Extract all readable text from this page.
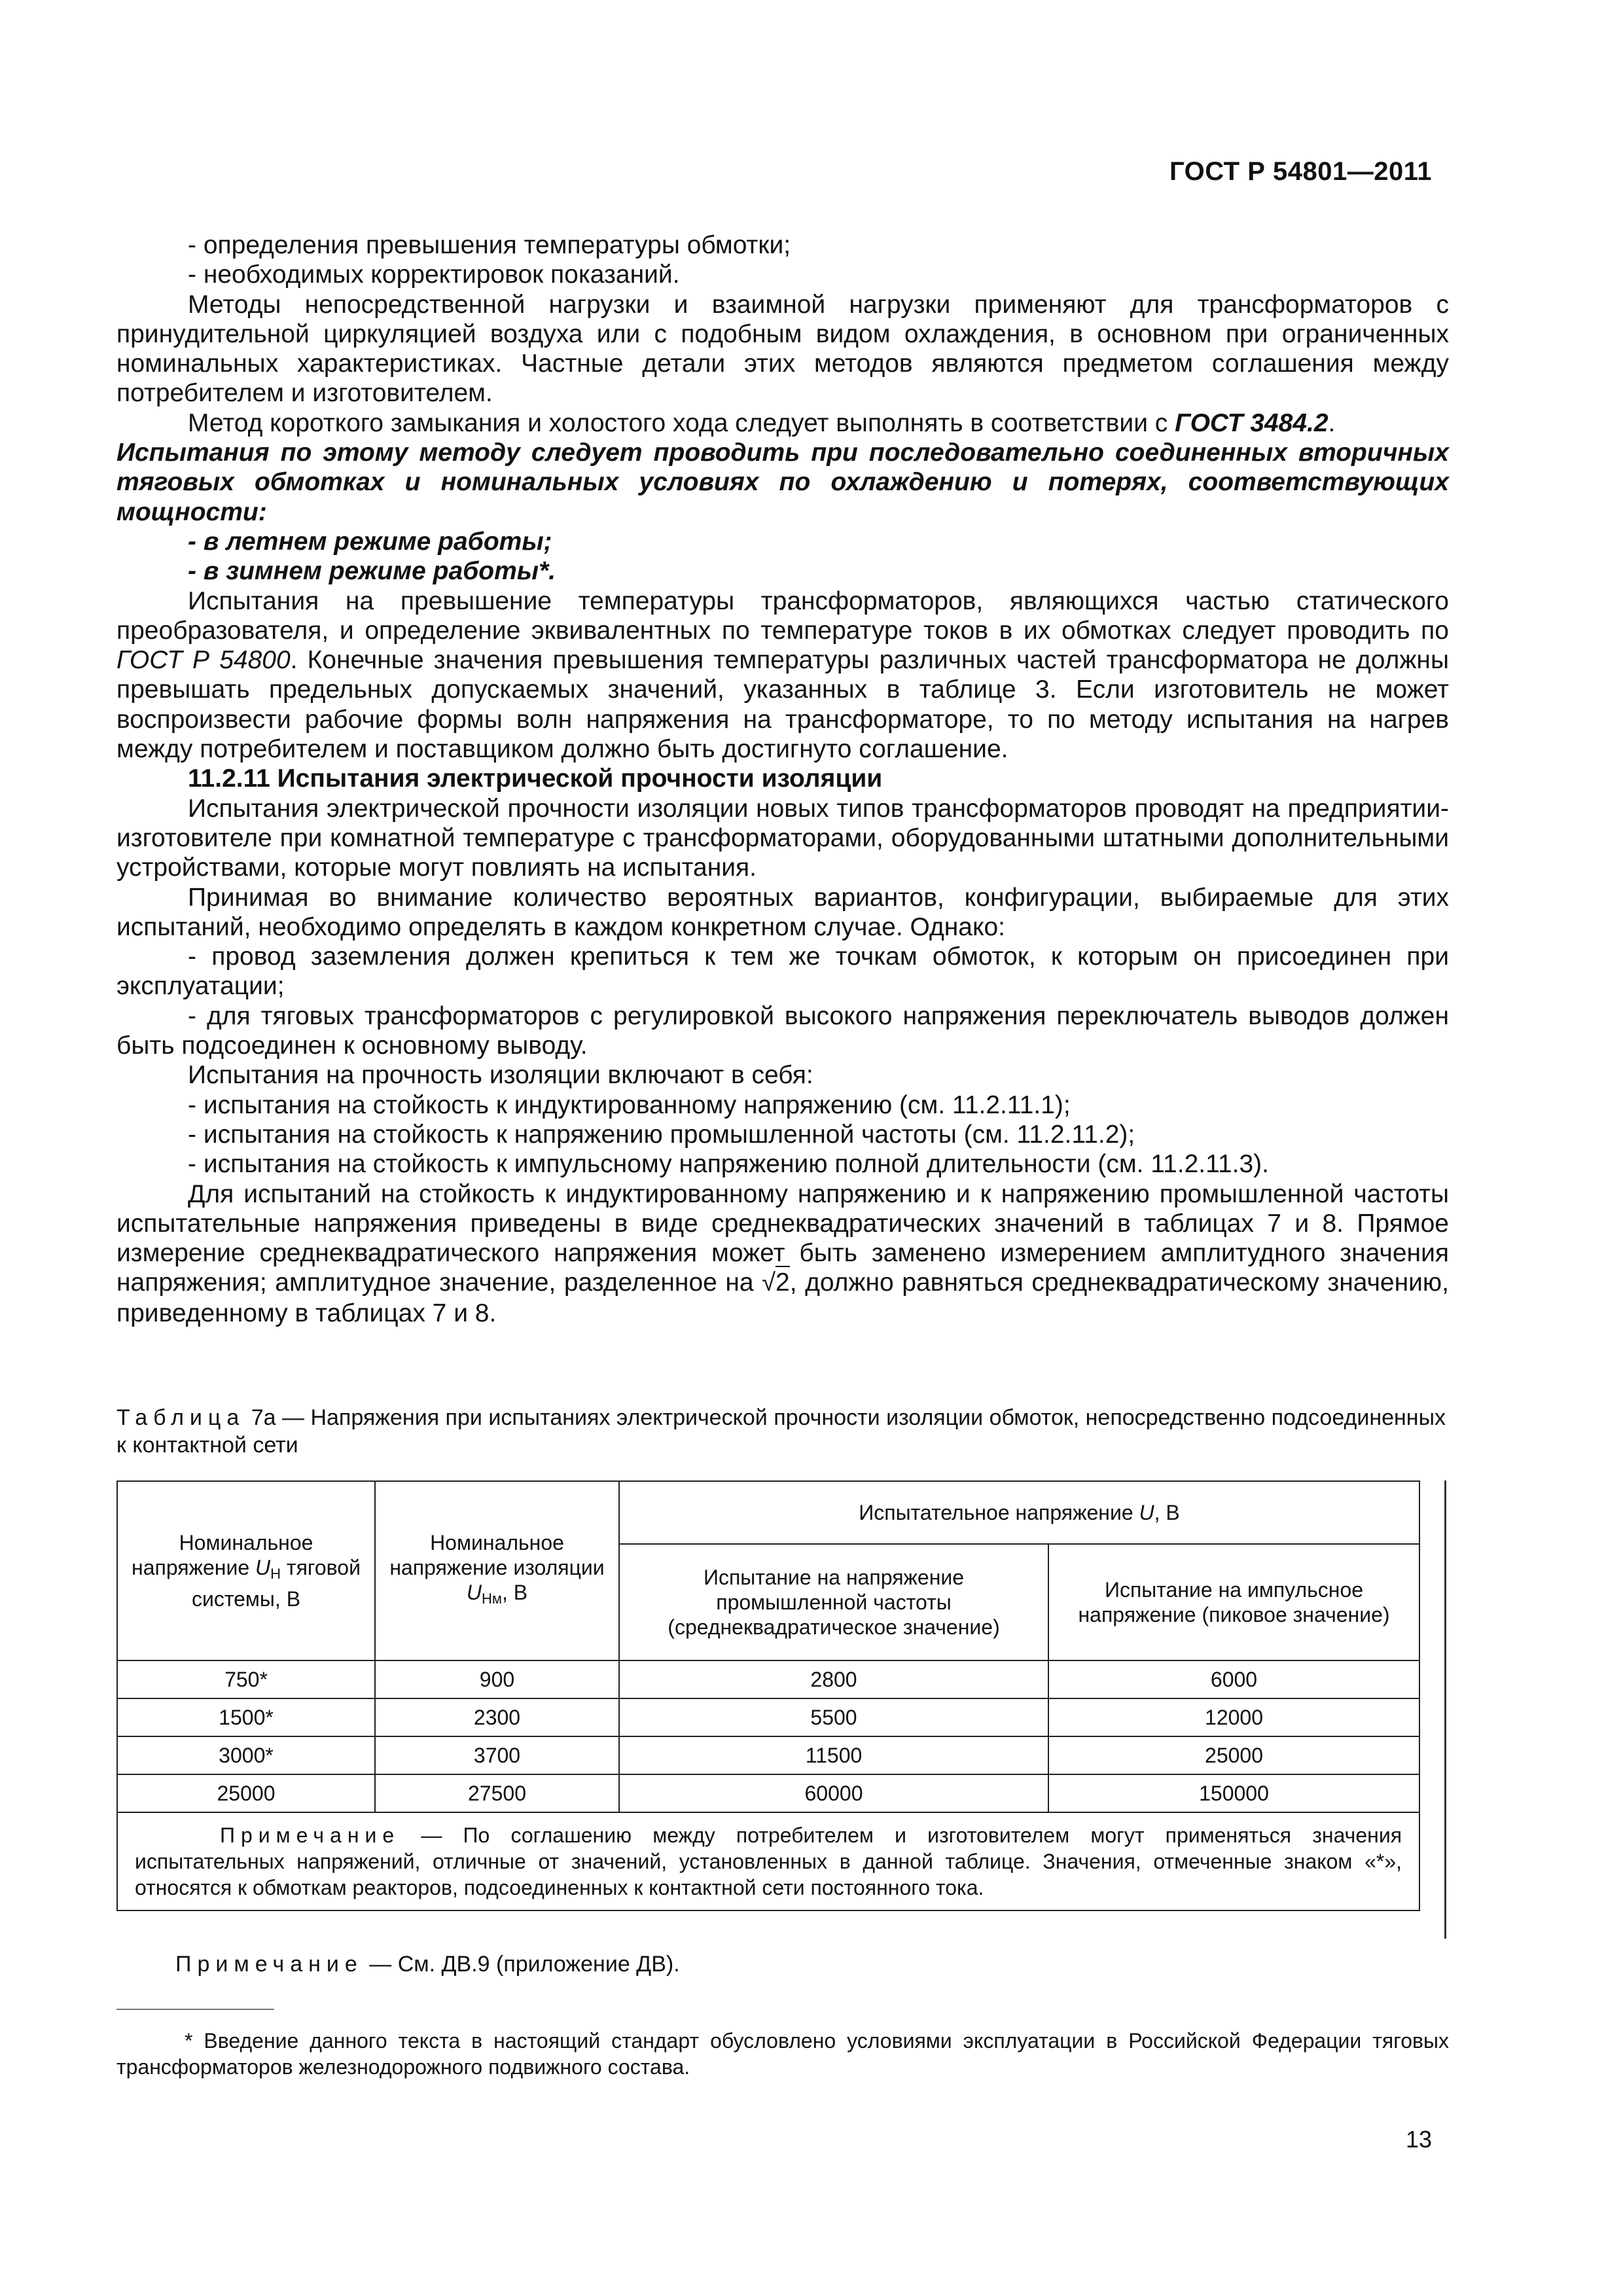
ГОСТ Р 54801—2011

- определения превышения температуры обмотки;

- необходимых корректировок показаний.

Методы непосредственной нагрузки и взаимной нагрузки применяют для трансформаторов с принудительной циркуляцией воздуха или с подобным видом охлаждения, в основном при ограниченных номинальных характеристиках. Частные детали этих методов являются предметом соглашения между потребителем и изготовителем.

Метод короткого замыкания и холостого хода следует выполнять в соответствии с ГОСТ 3484.2.

Испытания по этому методу следует проводить при последовательно соединенных вторичных тяговых обмотках и номинальных условиях по охлаждению и потерях, соответствующих мощности:

- в летнем режиме работы;

- в зимнем режиме работы*.

Испытания на превышение температуры трансформаторов, являющихся частью статического преобразователя, и определение эквивалентных по температуре токов в их обмотках следует проводить по ГОСТ Р 54800. Конечные значения превышения температуры различных частей трансформатора не должны превышать предельных допускаемых значений, указанных в таблице 3. Если изготовитель не может воспроизвести рабочие формы волн напряжения на трансформаторе, то по методу испытания на нагрев между потребителем и поставщиком должно быть достигнуто соглашение.

11.2.11 Испытания электрической прочности изоляции

Испытания электрической прочности изоляции новых типов трансформаторов проводят на предприятии-изготовителе при комнатной температуре с трансформаторами, оборудованными штатными дополнительными устройствами, которые могут повлиять на испытания.

Принимая во внимание количество вероятных вариантов, конфигурации, выбираемые для этих испытаний, необходимо определять в каждом конкретном случае. Однако:

- провод заземления должен крепиться к тем же точкам обмоток, к которым он присоединен при эксплуатации;

- для тяговых трансформаторов с регулировкой высокого напряжения переключатель выводов должен быть подсоединен к основному выводу.

Испытания на прочность изоляции включают в себя:

- испытания на стойкость к индуктированному напряжению (см. 11.2.11.1);

- испытания на стойкость к напряжению промышленной частоты (см. 11.2.11.2);

- испытания на стойкость к импульсному напряжению полной длительности (см. 11.2.11.3).

Для испытаний на стойкость к индуктированному напряжению и к напряжению промышленной частоты испытательные напряжения приведены в виде среднеквадратических значений в таблицах 7 и 8. Прямое измерение среднеквадратического напряжения может быть заменено измерением амплитудного значения напряжения; амплитудное значение, разделенное на √2, должно равняться среднеквадратическому значению, приведенному в таблицах 7 и 8.

Таблица 7а — Напряжения при испытаниях электрической прочности изоляции обмоток, непосредственно подсоединенных к контактной сети
Номинальное напряжение $U_Н$ тяговой системы, В	Номинальное напряжение изоляции $U_{Нм}$, В	Испытательное напряжение U, В	
		Испытание на напряжение промышленной частоты (среднеквадратическое значение)	Испытание на импульсное напряжение (пиковое значение)
750*	900	2800	6000
1500*	2300	5500	12000
3000*	3700	11500	25000
25000	27500	60000	150000
Примечание — По соглашению между потребителем и изготовителем могут применяться значения испытательных напряжений, отличные от значений, установленных в данной таблице. Значения, отмеченные знаком «*», относятся к обмоткам реакторов, подсоединенных к контактной сети постоянного тока.			
Примечание — См. ДВ.9 (приложение ДВ).
* Введение данного текста в настоящий стандарт обусловлено условиями эксплуатации в Российской Федерации тяговых трансформаторов железнодорожного подвижного состава.
13
